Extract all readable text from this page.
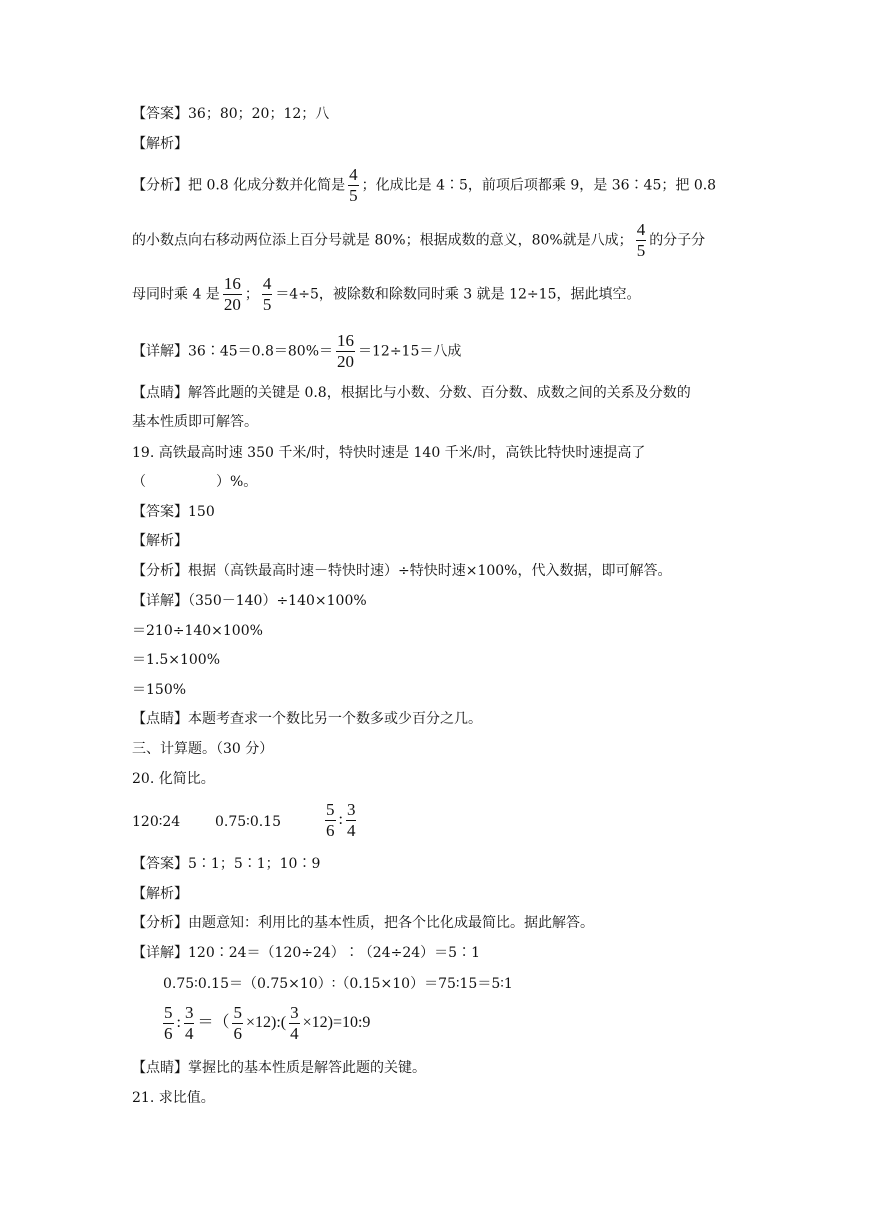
【答案】36；80；20；12；八
【解析】
【分析】把 0.8 化成分数并化简是 $\frac{4}{5}$ ；化成比是 4∶5，前项后项都乘 9，是 36∶45；把 0.8
的小数点向右移动两位添上百分号就是 80%；根据成数的意义，80%就是八成； $\frac{4}{5}$ 的分子分
母同时乘 4 是 $\frac{16}{20}$ ； $\frac{4}{5} =4\div 5$，被除数和除数同时乘 3 就是 12÷15，据此填空。
【详解】36∶45＝0.8＝80%＝ $\frac{16}{20} =12\div 15=$八成
【点睛】解答此题的关键是 0.8，根据比与小数、分数、百分数、成数之间的关系及分数的
基本性质即可解答。
19. 高铁最高时速 350 千米/时，特快时速是 140 千米/时，高铁比特快时速提高了
（　　　　　）%。
【答案】150
【解析】
【分析】根据（高铁最高时速－特快时速）÷特快时速×100%，代入数据，即可解答。
【详解】（350－140）÷140×100%
＝210÷140×100%
＝1.5×100%
＝150%
【点睛】本题考查求一个数比另一个数多或少百分之几。
三、计算题。（30 分）
20. 化简比。
120∶24 0.75∶0.15	$\frac{5}{6}$ : $\frac{3}{4}$
【答案】5∶1；5∶1；10∶9
【解析】
【分析】由题意知：利用比的基本性质，把各个比化成最简比。据此解答。
【详解】120∶24＝（120÷24）∶（24÷24）＝5∶1
0.75∶0.15＝（0.75×10）∶（0.15×10）＝75∶15＝5∶1
$\frac{5}{6}$ : $\frac{3}{4}$ ＝（ $\frac{5}{6}$ ×12):( $\frac{3}{4}$ ×12)=10:9
【点睛】掌握比的基本性质是解答此题的关键。
21. 求比值。
